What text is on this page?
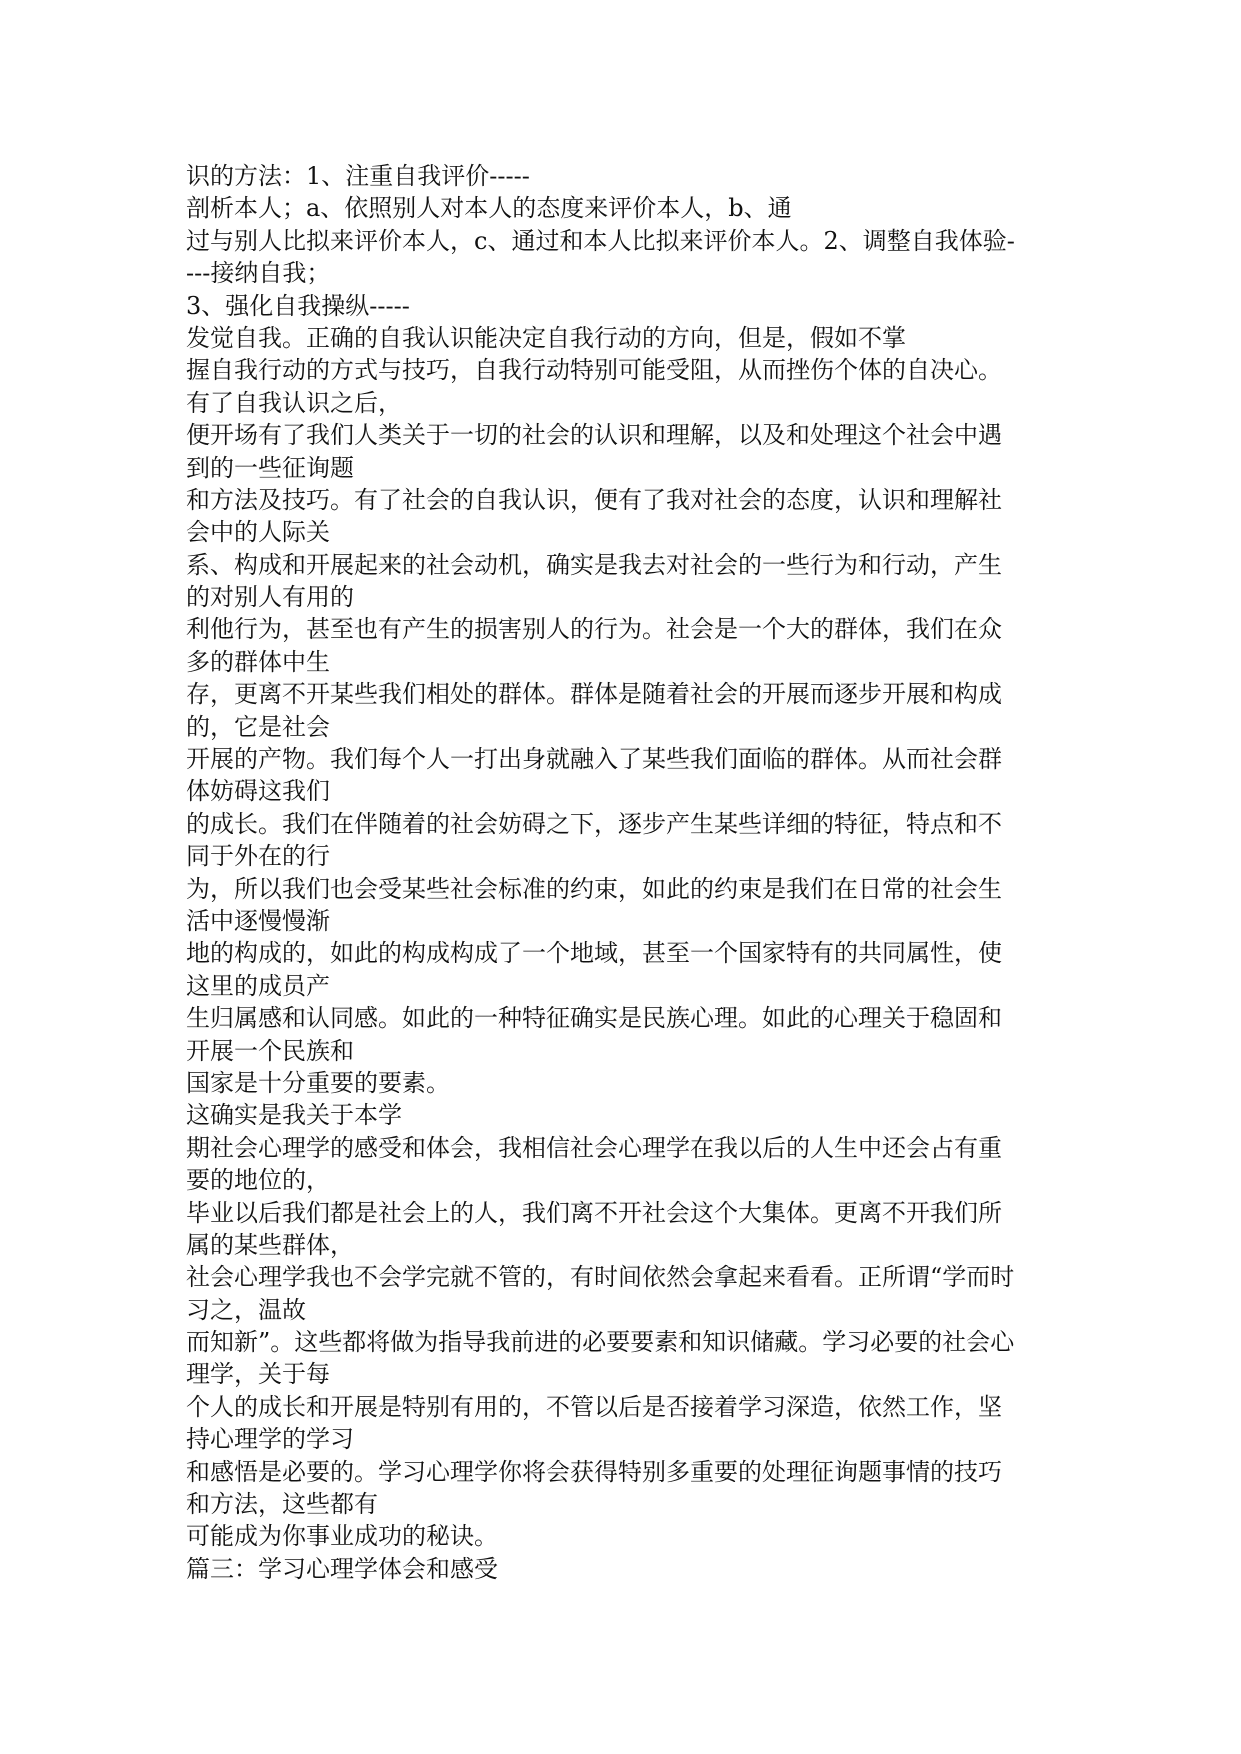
识的方法：1、注重自我评价-----
剖析本人；a、依照别人对本人的态度来评价本人，b、通
过与别人比拟来评价本人，c、通过和本人比拟来评价本人。2、调整自我体验-
---接纳自我；
3、强化自我操纵-----
发觉自我。正确的自我认识能决定自我行动的方向，但是，假如不掌
握自我行动的方式与技巧，自我行动特别可能受阻，从而挫伤个体的自决心。
有了自我认识之后，
便开场有了我们人类关于一切的社会的认识和理解，以及和处理这个社会中遇
到的一些征询题
和方法及技巧。有了社会的自我认识，便有了我对社会的态度，认识和理解社
会中的人际关
系、构成和开展起来的社会动机，确实是我去对社会的一些行为和行动，产生
的对别人有用的
利他行为，甚至也有产生的损害别人的行为。社会是一个大的群体，我们在众
多的群体中生
存，更离不开某些我们相处的群体。群体是随着社会的开展而逐步开展和构成
的，它是社会
开展的产物。我们每个人一打出身就融入了某些我们面临的群体。从而社会群
体妨碍这我们
的成长。我们在伴随着的社会妨碍之下，逐步产生某些详细的特征，特点和不
同于外在的行
为，所以我们也会受某些社会标准的约束，如此的约束是我们在日常的社会生
活中逐慢慢渐
地的构成的，如此的构成构成了一个地域，甚至一个国家特有的共同属性，使
这里的成员产
生归属感和认同感。如此的一种特征确实是民族心理。如此的心理关于稳固和
开展一个民族和
国家是十分重要的要素。
这确实是我关于本学
期社会心理学的感受和体会，我相信社会心理学在我以后的人生中还会占有重
要的地位的，
毕业以后我们都是社会上的人，我们离不开社会这个大集体。更离不开我们所
属的某些群体，
社会心理学我也不会学完就不管的，有时间依然会拿起来看看。正所谓“学而时
习之，温故
而知新”。这些都将做为指导我前进的必要要素和知识储藏。学习必要的社会心
理学，关于每
个人的成长和开展是特别有用的，不管以后是否接着学习深造，依然工作，坚
持心理学的学习
和感悟是必要的。学习心理学你将会获得特别多重要的处理征询题事情的技巧
和方法，这些都有
可能成为你事业成功的秘诀。
篇三：学习心理学体会和感受
